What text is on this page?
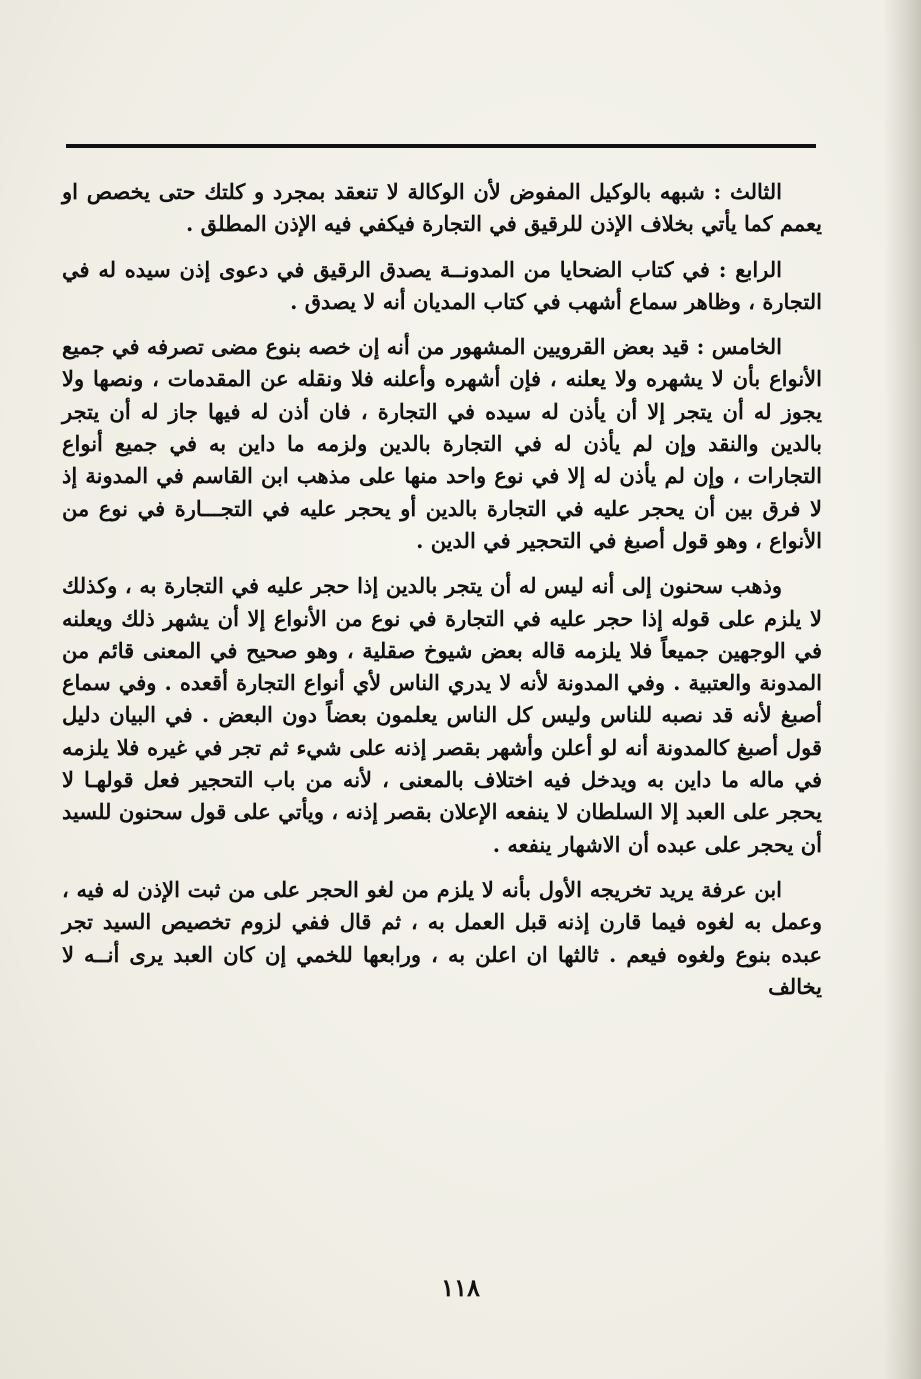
الثالث : شبهه بالوكيل المفوض لأن الوكالة لا تنعقد بمجرد و كلتك حتى يخصص او يعمم كما يأتي بخلاف الإذن للرقيق في التجارة فيكفي فيه الإذن المطلق .

الرابع : في كتاب الضحايا من المدونــة يصدق الرقيق في دعوى إذن سيده له في التجارة ، وظاهر سماع أشهب في كتاب المديان أنه لا يصدق .

الخامس : قيد بعض القرويين المشهور من أنه إن خصه بنوع مضى تصرفه في جميع الأنواع بأن لا يشهره ولا يعلنه ، فإن أشهره وأعلنه فلا ونقله عن المقدمات ، ونصها ولا يجوز له أن يتجر إلا أن يأذن له سيده في التجارة ، فان أذن له فيها جاز له أن يتجر بالدين والنقد وإن لم يأذن له في التجارة بالدين ولزمه ما داين به في جميع أنواع التجارات ، وإن لم يأذن له إلا في نوع واحد منها على مذهب ابن القاسم في المدونة إذ لا فرق بين أن يحجر عليه في التجارة بالدين أو يحجر عليه في التجـــارة في نوع من الأنواع ، وهو قول أصبغ في التحجير في الدين .

وذهب سحنون إلى أنه ليس له أن يتجر بالدين إذا حجر عليه في التجارة به ، وكذلك لا يلزم على قوله إذا حجر عليه في التجارة في نوع من الأنواع إلا أن يشهر ذلك ويعلنه في الوجهين جميعاً فلا يلزمه قاله بعض شيوخ صقلية ، وهو صحيح في المعنى قائم من المدونة والعتبية . وفي المدونة لأنه لا يدري الناس لأي أنواع التجارة أقعده . وفي سماع أصبغ لأنه قد نصبه للناس وليس كل الناس يعلمون بعضاً دون البعض . في البيان دليل قول أصبغ كالمدونة أنه لو أعلن وأشهر بقصر إذنه على شيء ثم تجر في غيره فلا يلزمه في ماله ما داين به ويدخل فيه اختلاف بالمعنى ، لأنه من باب التحجير فعل قولهـا لا يحجر على العبد إلا السلطان لا ينفعه الإعلان بقصر إذنه ، ويأتي على قول سحنون للسيد أن يحجر على عبده أن الاشهار ينفعه .

ابن عرفة يريد تخريجه الأول بأنه لا يلزم من لغو الحجر على من ثبت الإذن له فيه ، وعمل به لغوه فيما قارن إذنه قبل العمل به ، ثم قال ففي لزوم تخصيص السيد تجر عبده بنوع ولغوه فيعم . ثالثها ان اعلن به ، ورابعها للخمي إن كان العبد يرى أنــه لا يخالف

١١٨
